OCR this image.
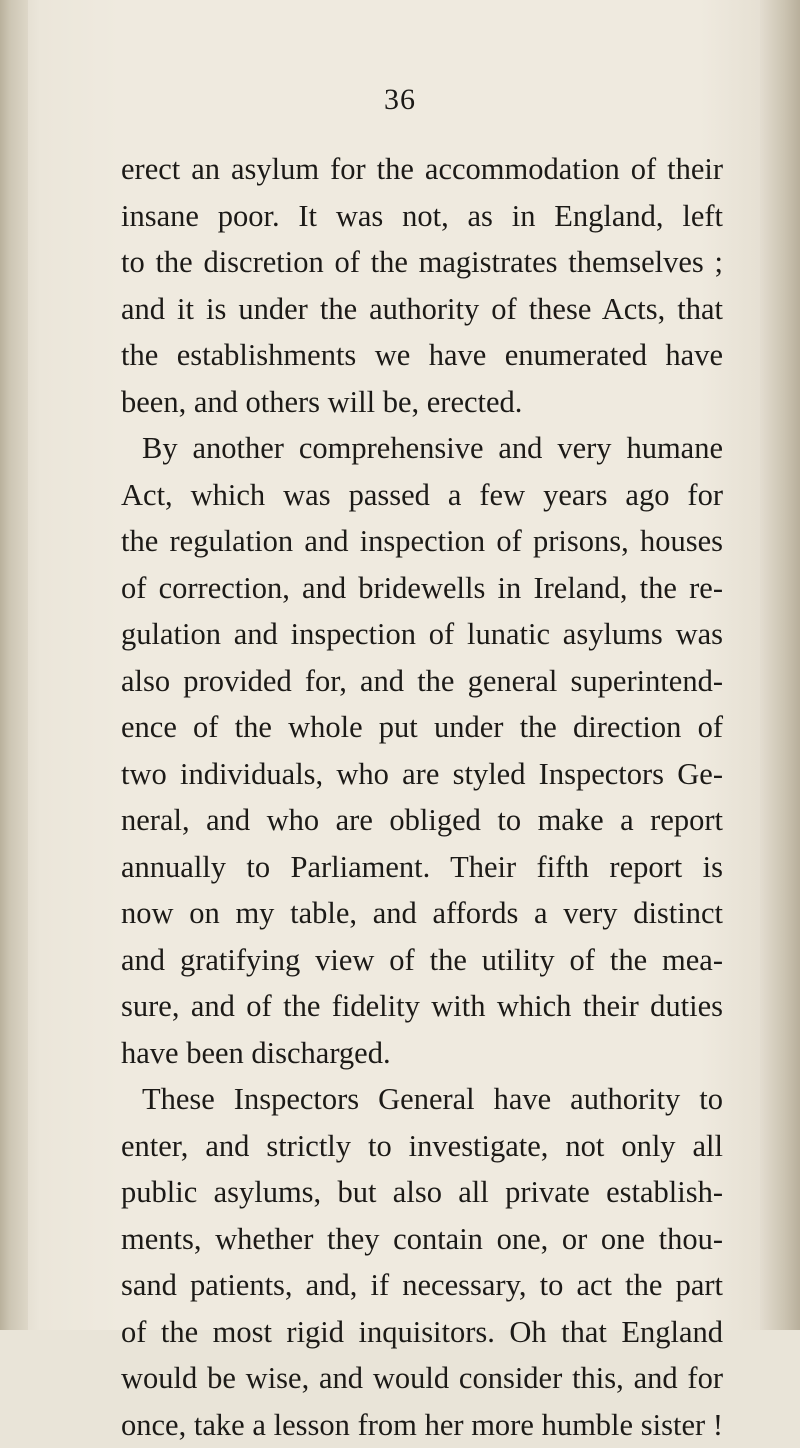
36
erect an asylum for the accommodation of their
insane poor. It was not, as in England, left
to the discretion of the magistrates themselves ;
and it is under the authority of these Acts, that
the establishments we have enumerated have
been, and others will be, erected.
By another comprehensive and very humane
Act, which was passed a few years ago for
the regulation and inspection of prisons, houses
of correction, and bridewells in Ireland, the re-
gulation and inspection of lunatic asylums was
also provided for, and the general superintend-
ence of the whole put under the direction of
two individuals, who are styled Inspectors Ge-
neral, and who are obliged to make a report
annually to Parliament. Their fifth report is
now on my table, and affords a very distinct
and gratifying view of the utility of the mea-
sure, and of the fidelity with which their duties
have been discharged.
These Inspectors General have authority to
enter, and strictly to investigate, not only all
public asylums, but also all private establish-
ments, whether they contain one, or one thou-
sand patients, and, if necessary, to act the part
of the most rigid inquisitors. Oh that England
would be wise, and would consider this, and for
once, take a lesson from her more humble sister !
